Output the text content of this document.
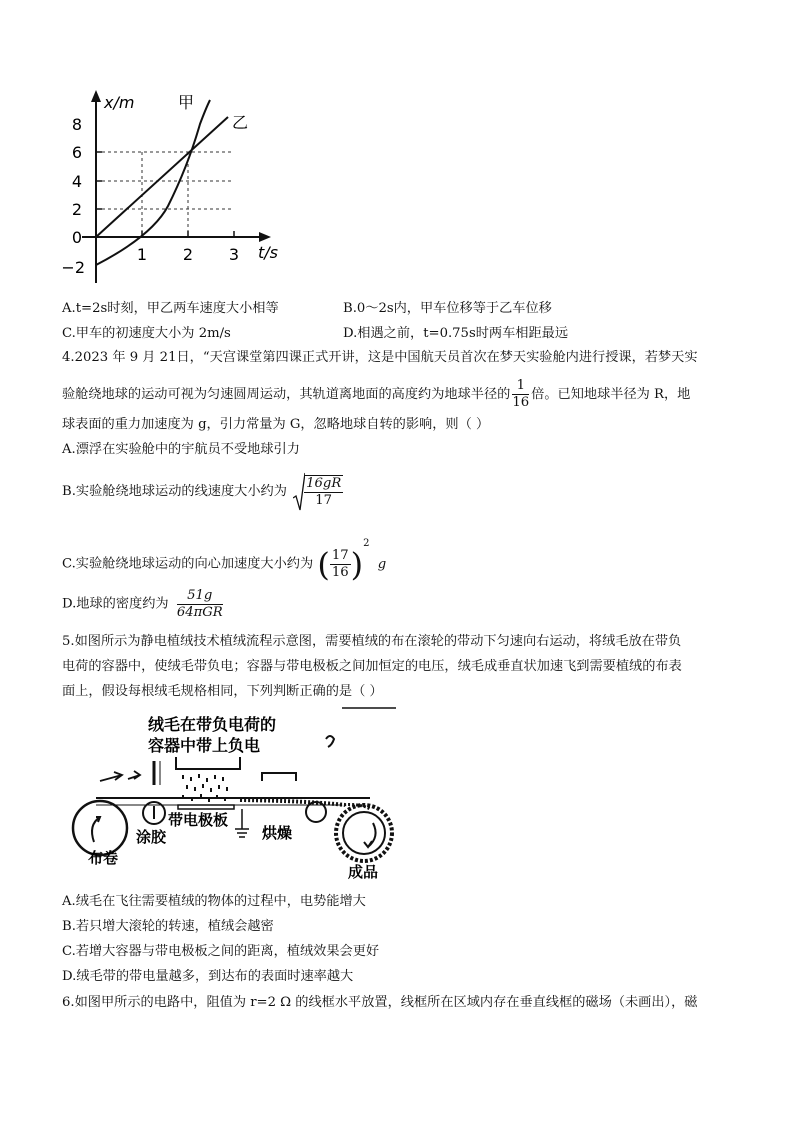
x/m	甲
乙
8
6
4
2
0
−2
1 2 3 t/s
A.t=2s时刻，甲乙两车速度大小相等	B.0～2s内，甲车位移等于乙车位移
C.甲车的初速度大小为 2m/s	D.相遇之前，t=0.75s时两车相距最远
4.2023 年 9 月 21日，“天宫课堂第四课正式开讲，这是中国航天员首次在梦天实验舱内进行授课，若梦天实
验舱绕地球的运动可视为匀速圆周运动，其轨道离地面的高度约为地球半径的 $\frac{1}{16}$ 倍。已知地球半径为 R，地
球表面的重力加速度为 g，引力常量为 G，忽略地球自转的影响，则（ ）
A.漂浮在实验舱中的宇航员不受地球引力
B.实验舱绕地球运动的线速度大小约为 $\frac{16gR}{17}$
C.实验舱绕地球运动的向心加速度大小约为 ( $\frac{17}{16} )^2$ g
D.地球的密度约为 $\frac{51g}{\text{64πGR}}$
5.如图所示为静电植绒技术植绒流程示意图，需要植绒的布在滚轮的带动下匀速向右运动，将绒毛放在带负
电荷的容器中，使绒毛带负电；容器与带电极板之间加恒定的电压，绒毛成垂直状加速飞到需要植绒的布表
面上，假设每根绒毛规格相同，下列判断正确的是（ ）
绒毛在带负电荷的
容器中带上负电
布卷
涂胶
带电极板
烘燥
成品
A.绒毛在飞往需要植绒的物体的过程中，电势能增大
B.若只增大滚轮的转速，植绒会越密
C.若增大容器与带电极板之间的距离，植绒效果会更好
D.绒毛带的带电量越多，到达布的表面时速率越大
6.如图甲所示的电路中，阻值为 r=2 Ω 的线框水平放置，线框所在区域内存在垂直线框的磁场（未画出），磁
